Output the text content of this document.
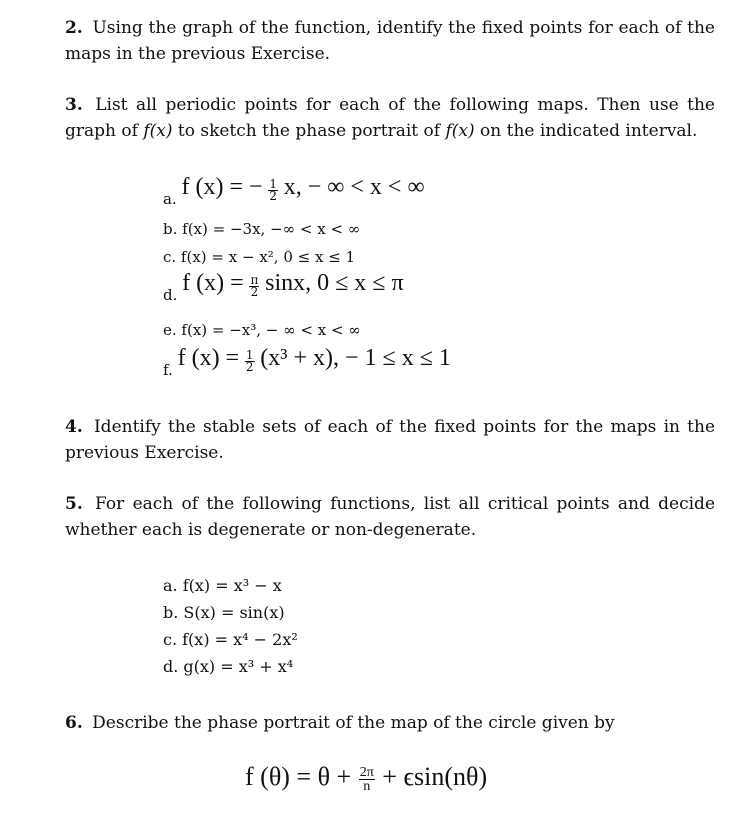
2. Using the graph of the function, identify the fixed points for each of the maps in the previous Exercise.
3. List all periodic points for each of the following maps. Then use the graph of f(x) to sketch the phase portrait of f(x) on the indicated interval.
a. f (x) = − $\frac{1}{2} x$, − ∞ < x < ∞
b. f(x) = −3x, −∞ < x < ∞
c. f(x) = x − x², 0 ≤ x ≤ 1
d. f $(x) = \frac{\pi}{2} \sin x$, 0 ≤ x ≤ π
e. f(x) = −x³, − ∞ < x < ∞
f. f $(x) = \frac{1}{2} (x^3 + x)$, − 1 ≤ x ≤ 1
4. Identify the stable sets of each of the fixed points for the maps in the previous Exercise.
5. For each of the following functions, list all critical points and decide whether each is degenerate or non-degenerate.
a. f(x) = x³ − x
b. S(x) = sin(x)
c. f(x) = x⁴ − 2x²
d. g(x) = x³ + x⁴
6. Describe the phase portrait of the map of the circle given by
f $(\theta) = \theta + \frac{2\pi}{n} + \epsilon\sin(n\theta)$
